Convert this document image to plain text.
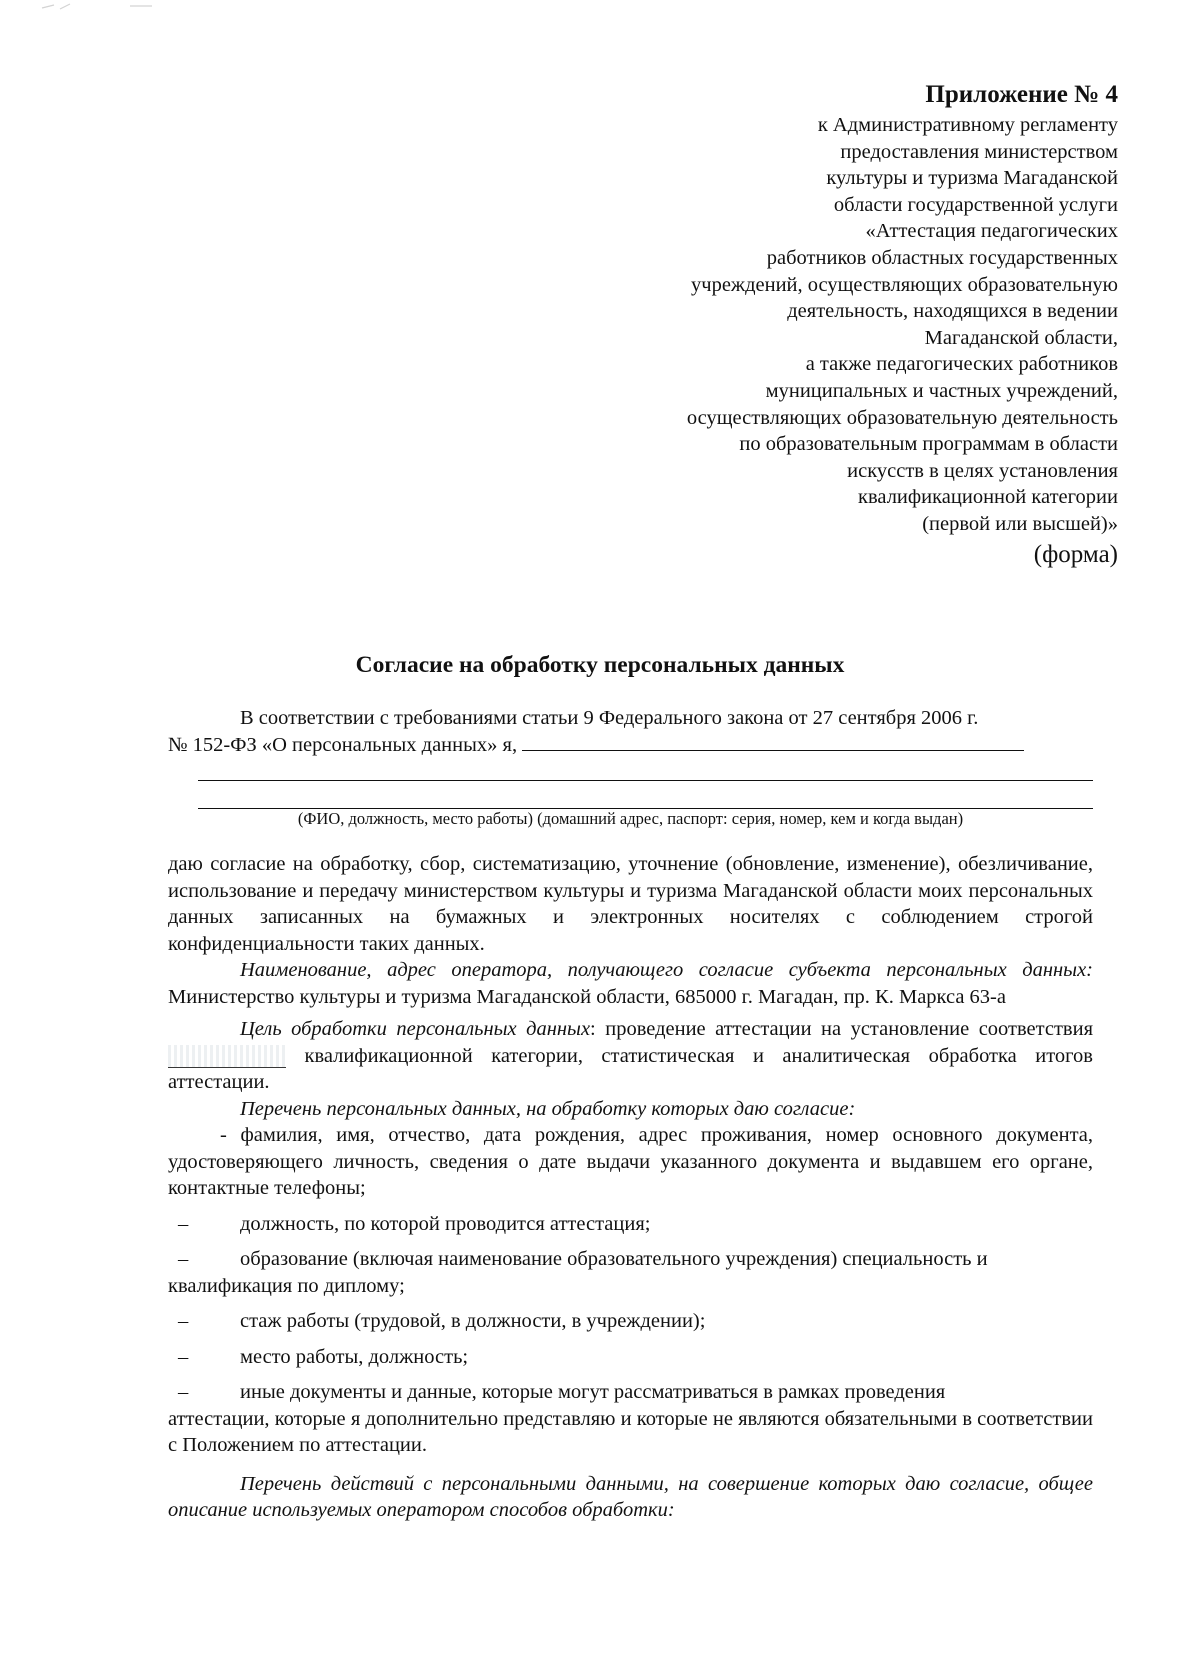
Приложение № 4
к Административному регламенту
предоставления министерством
культуры и туризма Магаданской
области государственной услуги
«Аттестация педагогических
работников областных государственных
учреждений, осуществляющих образовательную
деятельность, находящихся в ведении
Магаданской области,
а также педагогических работников
муниципальных и частных учреждений,
осуществляющих образовательную деятельность
по образовательным программам в области
искусств в целях установления
квалификационной категории
(первой или высшей)»
(форма)
Согласие на обработку персональных данных

В соответствии с требованиями статьи 9 Федерального закона от 27 сентября 2006 г.

№ 152-ФЗ «О персональных данных» я,

(ФИО, должность, место работы) (домашний адрес, паспорт: серия, номер, кем и когда выдан)

даю согласие на обработку, сбор, систематизацию, уточнение (обновление, изменение), обезличивание, использование и передачу министерством культуры и туризма Магаданской области моих персональных данных записанных на бумажных и электронных носителях с соблюдением строгой конфиденциальности таких данных.

Наименование, адрес оператора, получающего согласие субъекта персональных данных: Министерство культуры и туризма Магаданской области, 685000 г. Магадан, пр. К. Маркса 63-а

Цель обработки персональных данных: проведение аттестации на установление соответствия  квалификационной категории, статистическая и аналитическая обработка итогов аттестации.

Перечень персональных данных, на обработку которых даю согласие:

- фамилия, имя, отчество, дата рождения, адрес проживания, номер основного документа, удостоверяющего личность, сведения о дате выдачи указанного документа и выдавшем его органе, контактные телефоны;

–	должность, по которой проводится аттестация;
–	образование (включая наименование образовательного учреждения) специальность и

квалификация по диплому;

–	стаж работы (трудовой, в должности, в учреждении);
–	место работы, должность;
–	иные документы и данные, которые могут рассматриваться в рамках проведения

аттестации, которые я дополнительно представляю и которые не являются обязательными в соответствии с Положением по аттестации.

Перечень действий с персональными данными, на совершение которых даю согласие, общее описание используемых оператором способов обработки:
